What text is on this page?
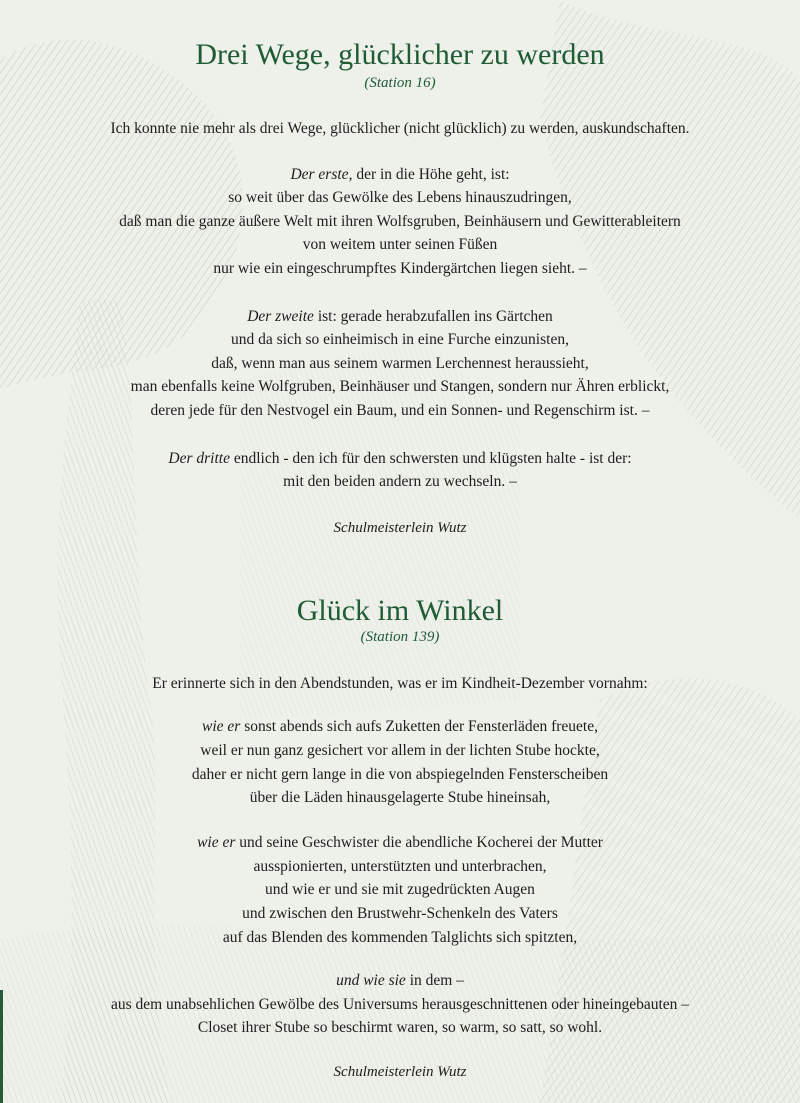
Drei Wege, glücklicher zu werden
(Station 16)
Ich konnte nie mehr als drei Wege, glücklicher (nicht glücklich) zu werden, auskundschaften.
Der erste, der in die Höhe geht, ist:
so weit über das Gewölke des Lebens hinauszudringen,
daß man die ganze äußere Welt mit ihren Wolfsgruben, Beinhäusern und Gewitterableitern
von weitem unter seinen Füßen
nur wie ein eingeschrumpftes Kindergärtchen liegen sieht. –
Der zweite ist: gerade herabzufallen ins Gärtchen
und da sich so einheimisch in eine Furche einzunisten,
daß, wenn man aus seinem warmen Lerchennest heraussieht,
man ebenfalls keine Wolfgruben, Beinhäuser und Stangen, sondern nur Ähren erblickt,
deren jede für den Nestvogel ein Baum, und ein Sonnen- und Regenschirm ist. –
Der dritte endlich - den ich für den schwersten und klügsten halte - ist der:
mit den beiden andern zu wechseln. –
Schulmeisterlein Wutz
Glück im Winkel
(Station 139)
Er erinnerte sich in den Abendstunden, was er im Kindheit-Dezember vornahm:
wie er sonst abends sich aufs Zuketten der Fensterläden freuete,
weil er nun ganz gesichert vor allem in der lichten Stube hockte,
daher er nicht gern lange in die von abspiegelnden Fensterscheiben
über die Läden hinausgelagerte Stube hineinsah,
wie er und seine Geschwister die abendliche Kocherei der Mutter
ausspionierten, unterstützten und unterbrachen,
und wie er und sie mit zugedrückten Augen
und zwischen den Brustwehr-Schenkeln des Vaters
auf das Blenden des kommenden Talglichts sich spitzten,
und wie sie in dem –
aus dem unabsehlichen Gewölbe des Universums herausgeschnittenen oder hineingebauten –
Closet ihrer Stube so beschirmt waren, so warm, so satt, so wohl.
Schulmeisterlein Wutz
